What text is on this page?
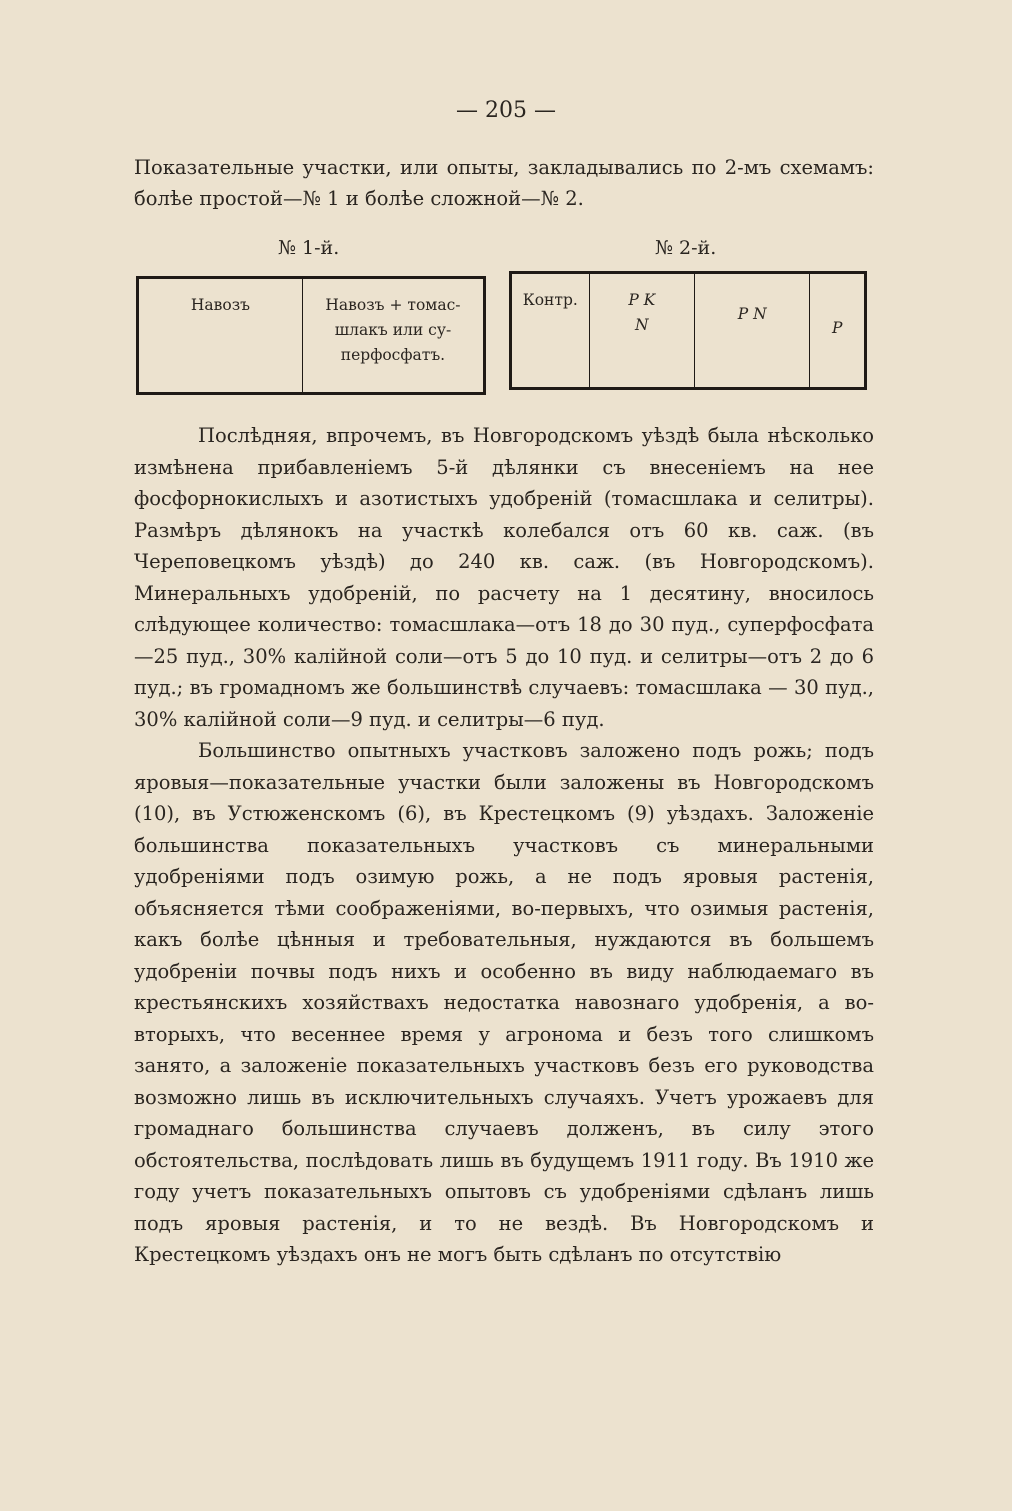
— 205 —

Показательные участки, или опыты, закладывались по 2-мъ схемамъ: болѣе простой—№ 1 и болѣе сложной—№ 2.

№ 1-й.	№ 2-й.
Навозъ	Навозъ + томас- шлакъ или су- перфосфатъ.
Контр.	P K N	P N	P

Послѣдняя, впрочемъ, въ Новгородскомъ уѣздѣ была нѣсколько измѣнена прибавленіемъ 5-й дѣлянки съ внесеніемъ на нее фосфорнокислыхъ и азотистыхъ удобреній (томасшлака и селитры). Размѣръ дѣлянокъ на участкѣ колебался отъ 60 кв. саж. (въ Череповецкомъ уѣздѣ) до 240 кв. саж. (въ Новгородскомъ). Минеральныхъ удобреній, по расчету на 1 десятину, вносилось слѣдующее количество: томасшлака—отъ 18 до 30 пуд., суперфосфата—25 пуд., 30% калійной соли—отъ 5 до 10 пуд. и селитры—отъ 2 до 6 пуд.; въ громадномъ же большинствѣ случаевъ: томасшлака — 30 пуд., 30% калійной соли—9 пуд. и селитры—6 пуд.

Большинство опытныхъ участковъ заложено подъ рожь; подъ яровыя—показательные участки были заложены въ Новгородскомъ (10), въ Устюженскомъ (6), въ Крестецкомъ (9) уѣздахъ. Заложеніе большинства показательныхъ участковъ съ минеральными удобреніями подъ озимую рожь, а не подъ яровыя растенія, объясняется тѣми соображеніями, во-первыхъ, что озимыя растенія, какъ болѣе цѣнныя и требовательныя, нуждаются въ большемъ удобреніи почвы подъ нихъ и особенно въ виду наблюдаемаго въ крестьянскихъ хозяйствахъ недостатка навознаго удобренія, а во-вторыхъ, что весеннее время у агронома и безъ того слишкомъ занято, а заложеніе показательныхъ участковъ безъ его руководства возможно лишь въ исключительныхъ случаяхъ. Учетъ урожаевъ для громаднаго большинства случаевъ долженъ, въ силу этого обстоятельства, послѣдовать лишь въ будущемъ 1911 году. Въ 1910 же году учетъ показательныхъ опытовъ съ удобреніями сдѣланъ лишь подъ яровыя растенія, и то не вездѣ. Въ Новгородскомъ и Крестецкомъ уѣздахъ онъ не могъ быть сдѣланъ по отсутствію
